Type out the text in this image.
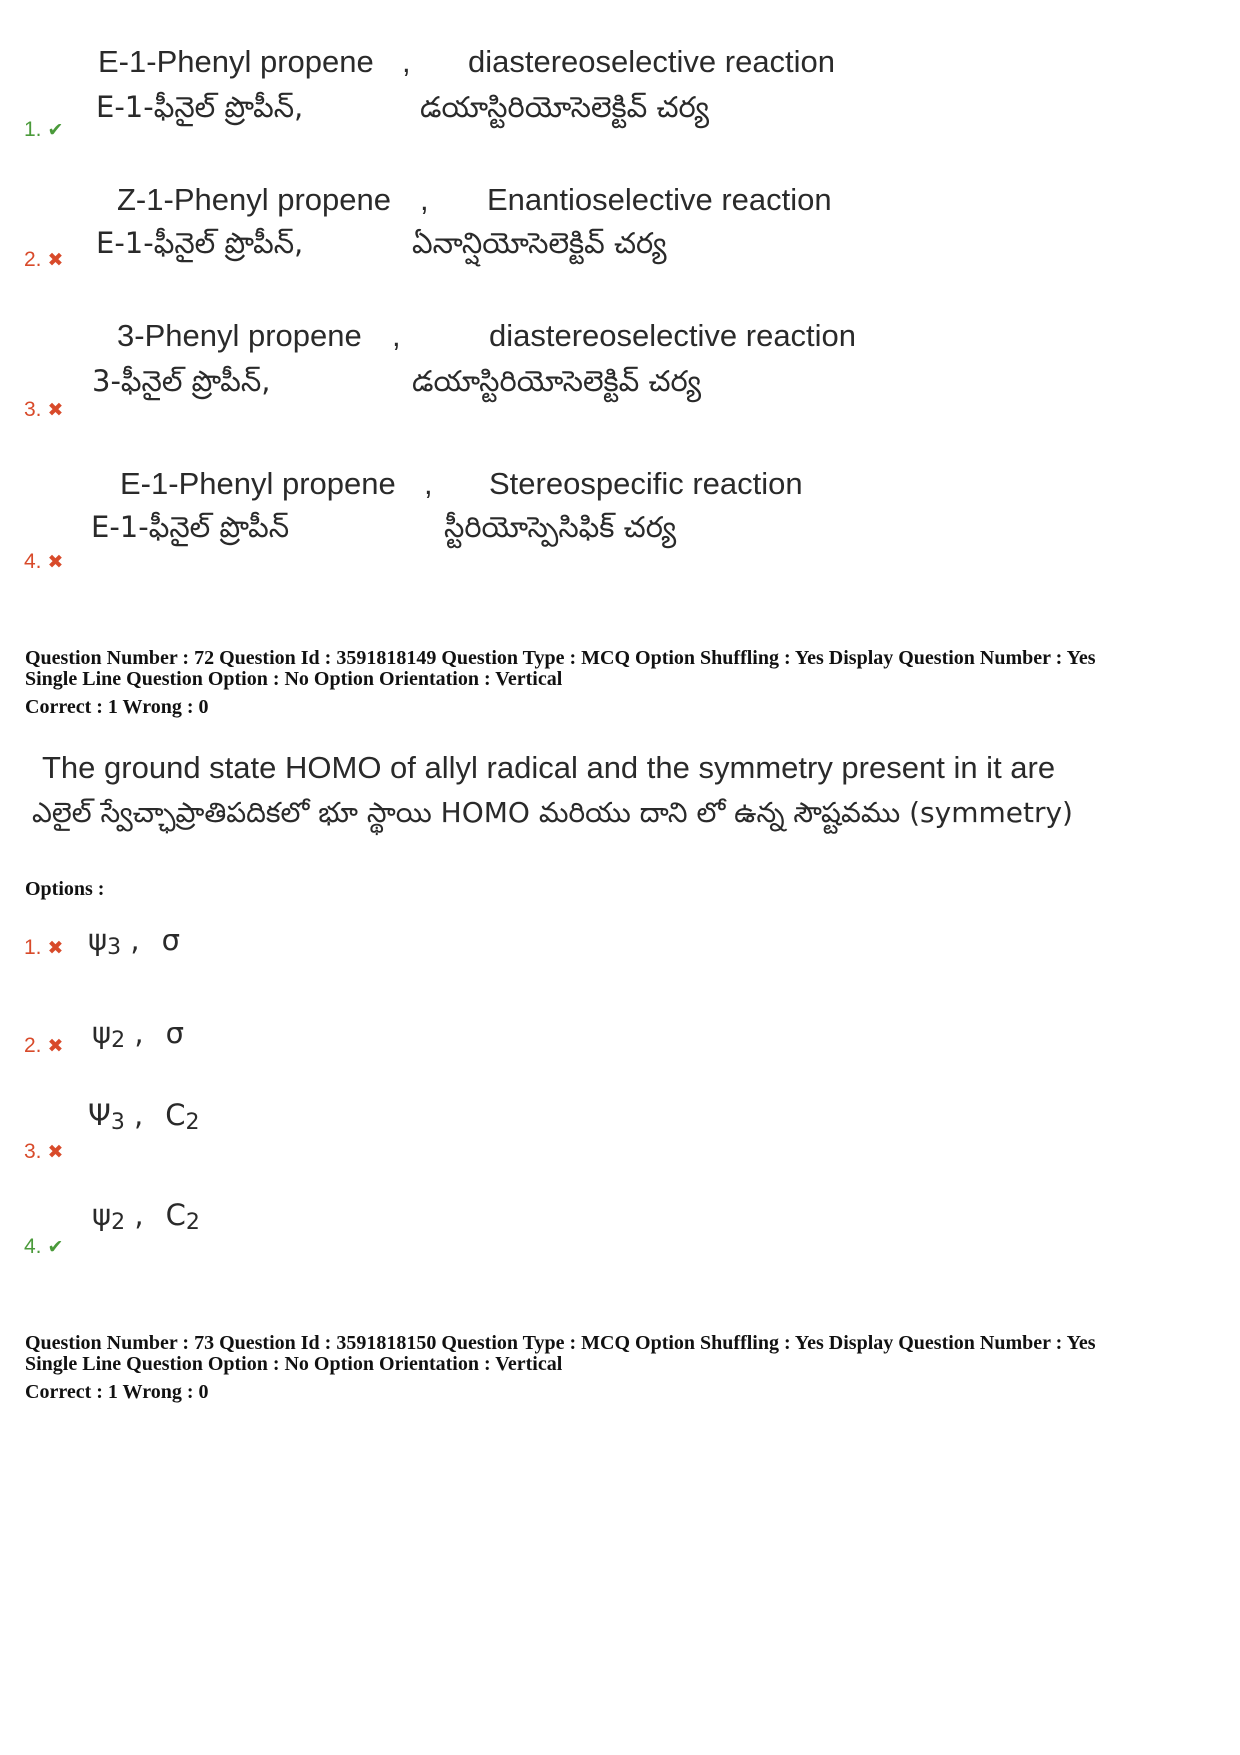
E-1-Phenyl propene , diastereoselective reaction
E-1-ఫీనైల్ ప్రొపీన్,	డయాస్టిరియోసెలెక్టివ్ చర్య
1. ✔
Z-1-Phenyl propene , Enantioselective reaction
E-1-ఫీనైల్ ప్రొపీన్,	ఏనాన్షియోసెలెక్టివ్ చర్య
2. ✖
3-Phenyl propene ,	diastereoselective reaction
3-ఫీనైల్ ప్రొపీన్,	డయాస్టిరియోసెలెక్టివ్ చర్య
3. ✖
E-1-Phenyl propene , Stereospecific reaction
E-1-ఫీనైల్ ప్రొపీన్	స్టీరియోస్పెసిఫిక్ చర్య
4. ✖
Question Number : 72 Question Id : 3591818149 Question Type : MCQ Option Shuffling : Yes Display Question Number : Yes
Single Line Question Option : No Option Orientation : Vertical
Correct : 1 Wrong : 0
The ground state HOMO of allyl radical and the symmetry present in it are
ఎలైల్ స్వేచ్ఛాప్రాతిపదికలో భూ స్థాయి HOMO మరియు దాని లో ఉన్న సౌష్టవము (symmetry)
Options :
$\psi_3$ , σ
1. ✖
$\psi_2$ , σ
2. ✖
$\Psi_3$ , $C_2$
3. ✖
$\psi_2$ , $C_2$
4. ✔
Question Number : 73 Question Id : 3591818150 Question Type : MCQ Option Shuffling : Yes Display Question Number : Yes
Single Line Question Option : No Option Orientation : Vertical
Correct : 1 Wrong : 0
